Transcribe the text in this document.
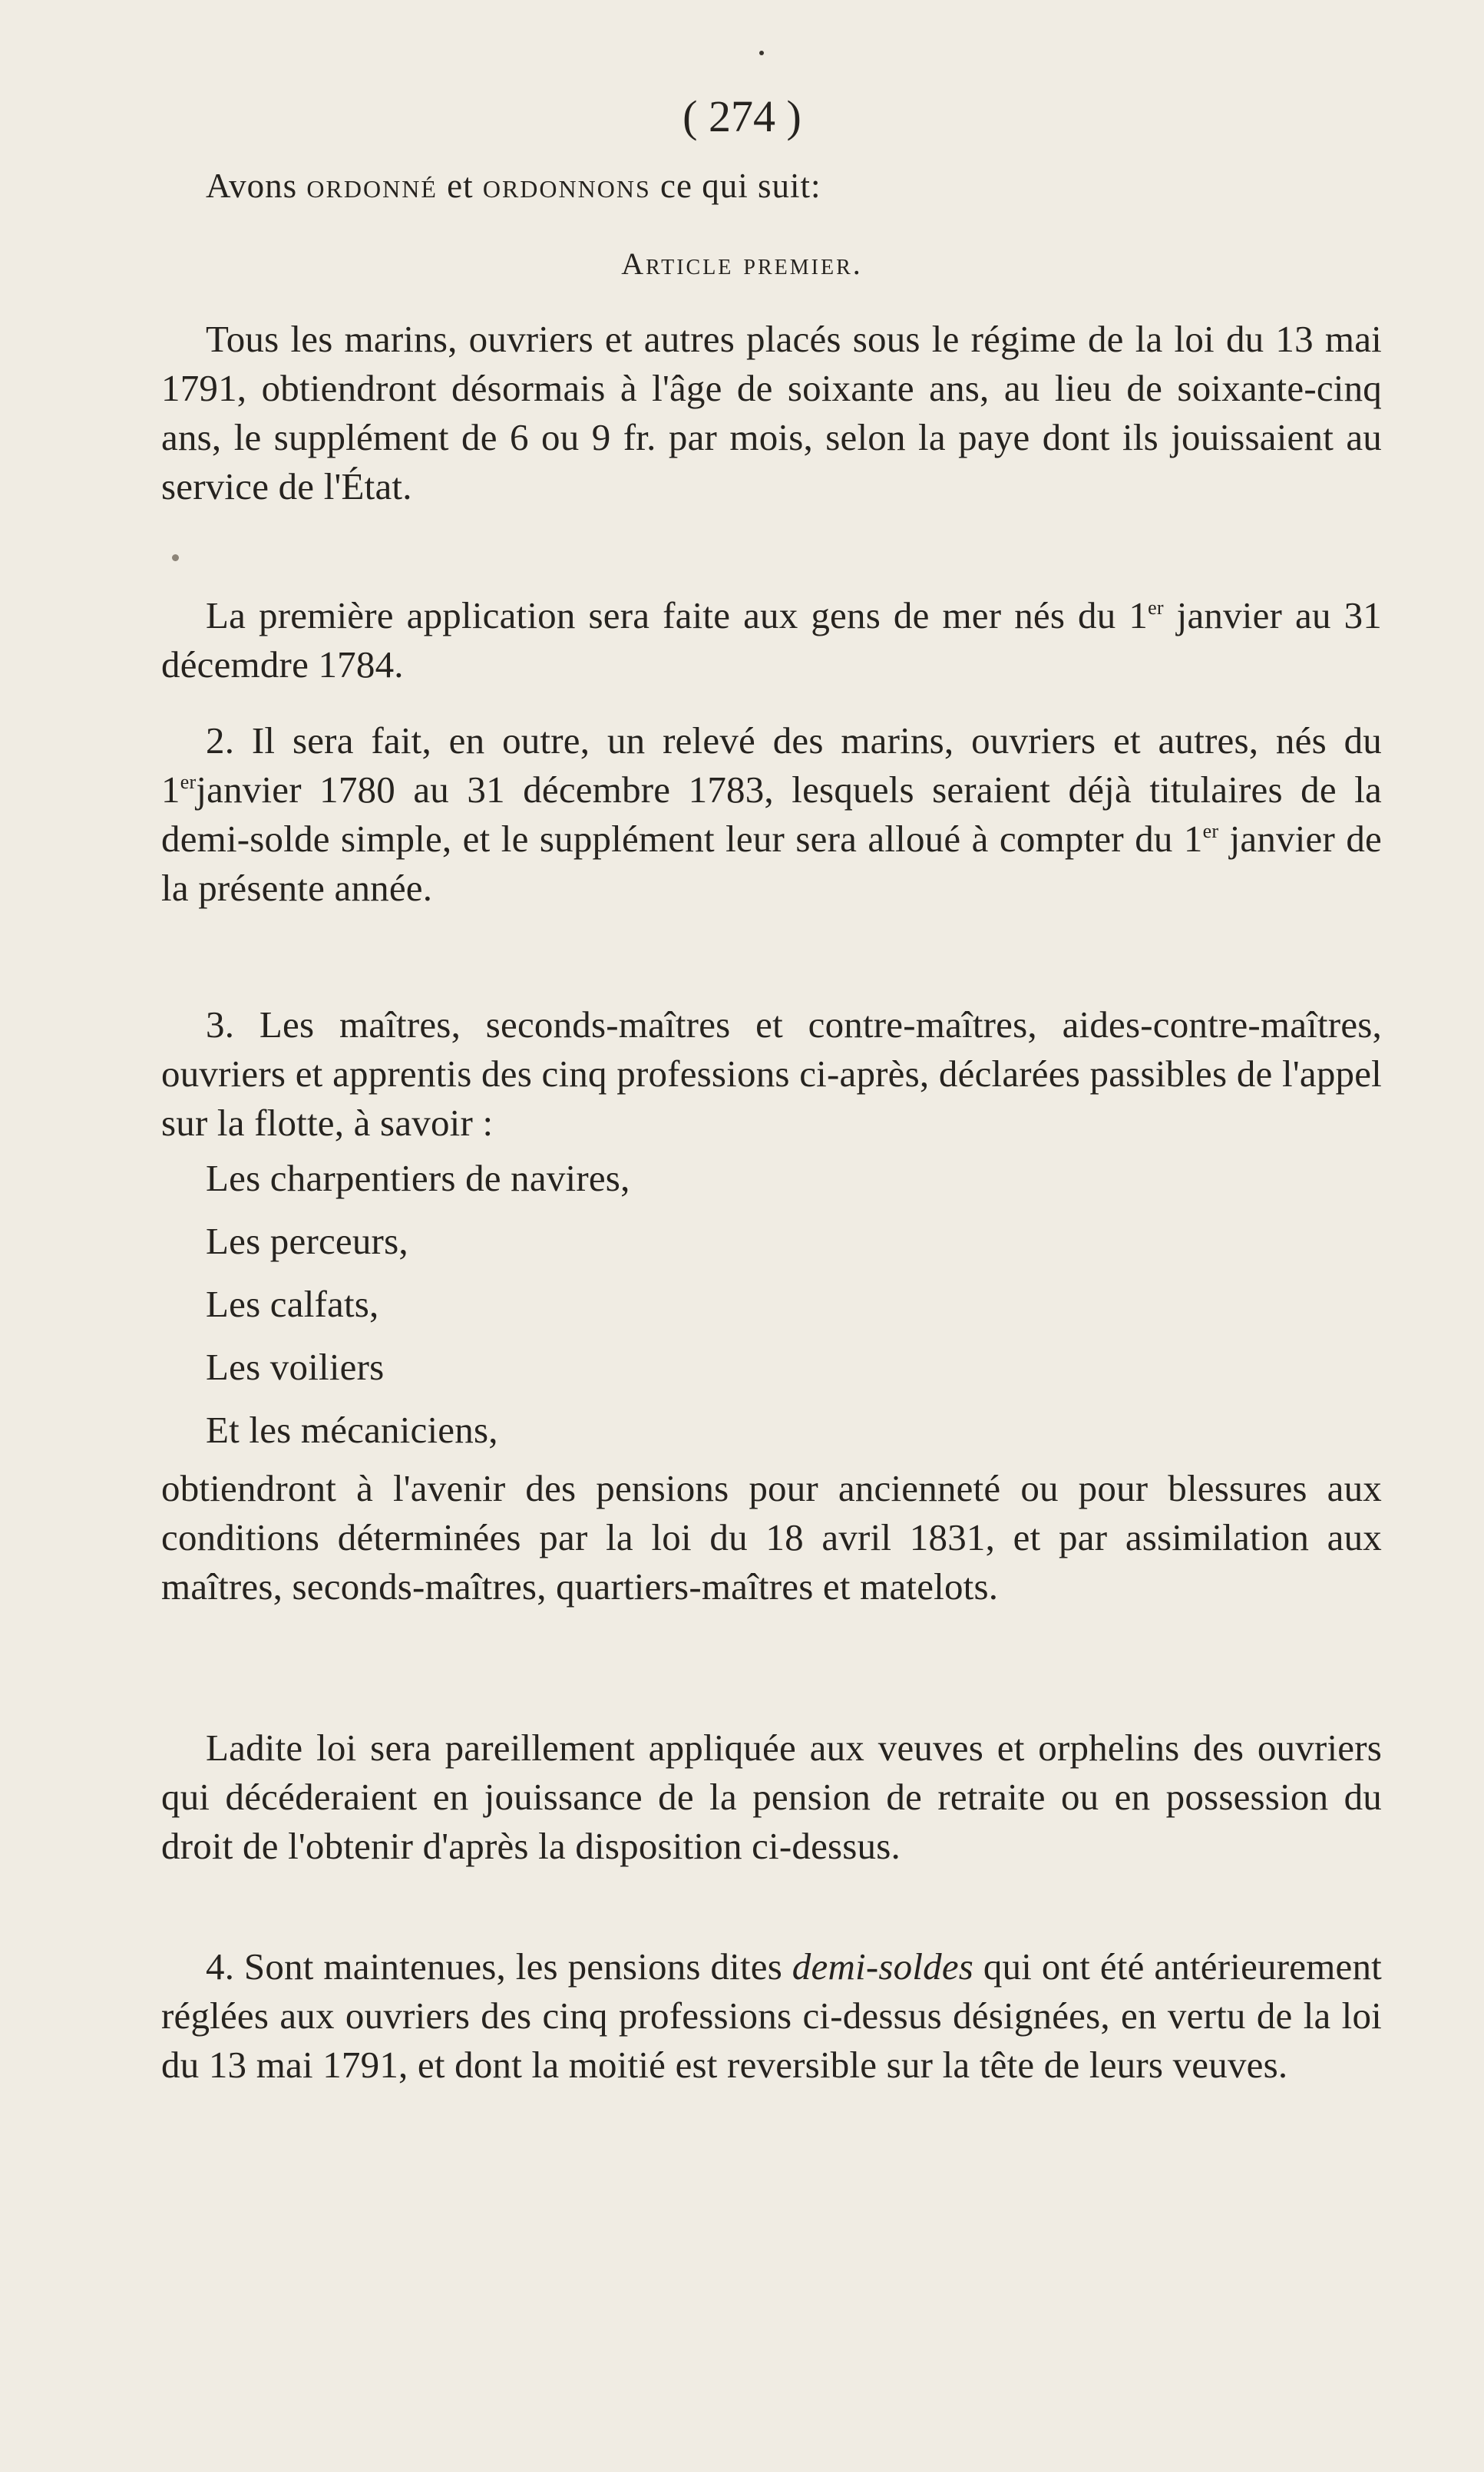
( 274 )
Avons ordonné et ordonnons ce qui suit:
Article premier.

Tous les marins, ouvriers et autres placés sous le régime de la loi du 13 mai 1791, obtiendront désormais à l'âge de soixante ans, au lieu de soixante-cinq ans, le supplément de 6 ou 9 fr. par mois, selon la paye dont ils jouissaient au service de l'État.

La première application sera faite aux gens de mer nés du 1er janvier au 31 décemdre 1784.

2. Il sera fait, en outre, un relevé des marins, ouvriers et autres, nés du 1erjanvier 1780 au 31 décembre 1783, lesquels seraient déjà titulaires de la demi-solde simple, et le supplément leur sera alloué à compter du 1er janvier de la présente année.

3. Les maîtres, seconds-maîtres et contre-maîtres, aides-contre-maîtres, ouvriers et apprentis des cinq professions ci-après, déclarées passibles de l'appel sur la flotte, à savoir :

Les charpentiers de navires,
Les perceurs,
Les calfats,
Les voiliers
Et les mécaniciens,

obtiendront à l'avenir des pensions pour ancienneté ou pour blessures aux conditions déterminées par la loi du 18 avril 1831, et par assimilation aux maîtres, seconds-maîtres, quartiers-maîtres et matelots.

Ladite loi sera pareillement appliquée aux veuves et orphelins des ouvriers qui décéderaient en jouissance de la pension de retraite ou en possession du droit de l'obtenir d'après la disposition ci-dessus.

4. Sont maintenues, les pensions dites demi-soldes qui ont été antérieurement réglées aux ouvriers des cinq professions ci-dessus désignées, en vertu de la loi du 13 mai 1791, et dont la moitié est reversible sur la tête de leurs veuves.
